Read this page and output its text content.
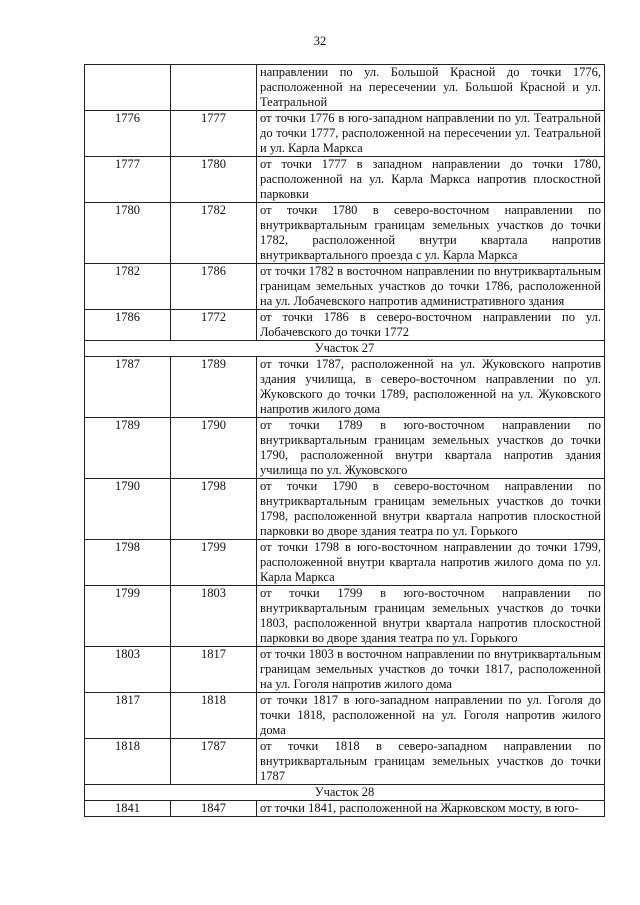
32
		направлении по ул. Большой Красной до точки 1776, расположенной на пересечении ул. Большой Красной и ул. Театральной
1776	1777	от точки 1776 в юго-западном направлении по ул. Театральной до точки 1777, расположенной на пересечении ул. Театральной и ул. Карла Маркса
1777	1780	от точки 1777 в западном направлении до точки 1780, расположенной на ул. Карла Маркса напротив плоскостной парковки
1780	1782	от точки 1780 в северо-восточном направлении по внутриквартальным границам земельных участков до точки 1782, расположенной внутри квартала напротив внутриквартального проезда с ул. Карла Маркса
1782	1786	от точки 1782 в восточном направлении по внутриквартальным границам земельных участков до точки 1786, расположенной на ул. Лобачевского напротив административного здания
1786	1772	от точки 1786 в северо-восточном направлении по ул. Лобачевского до точки 1772
Участок 27		
1787	1789	от точки 1787, расположенной на ул. Жуковского напротив здания училища, в северо-восточном направлении по ул. Жуковского до точки 1789, расположенной на ул. Жуковского напротив жилого дома
1789	1790	от точки 1789 в юго-восточном направлении по внутриквартальным границам земельных участков до точки 1790, расположенной внутри квартала напротив здания училища по ул. Жуковского
1790	1798	от точки 1790 в северо-восточном направлении по внутриквартальным границам земельных участков до точки 1798, расположенной внутри квартала напротив плоскостной парковки во дворе здания театра по ул. Горького
1798	1799	от точки 1798 в юго-восточном направлении до точки 1799, расположенной внутри квартала напротив жилого дома по ул. Карла Маркса
1799	1803	от точки 1799 в юго-восточном направлении по внутриквартальным границам земельных участков до точки 1803, расположенной внутри квартала напротив плоскостной парковки во дворе здания театра по ул. Горького
1803	1817	от точки 1803 в восточном направлении по внутриквартальным границам земельных участков до точки 1817, расположенной на ул. Гоголя напротив жилого дома
1817	1818	от точки 1817 в юго-западном направлении по ул. Гоголя до точки 1818, расположенной на ул. Гоголя напротив жилого дома
1818	1787	от точки 1818 в северо-западном направлении по внутриквартальным границам земельных участков до точки 1787
Участок 28		
1841	1847	от точки 1841, расположенной на Жарковском мосту, в юго-
